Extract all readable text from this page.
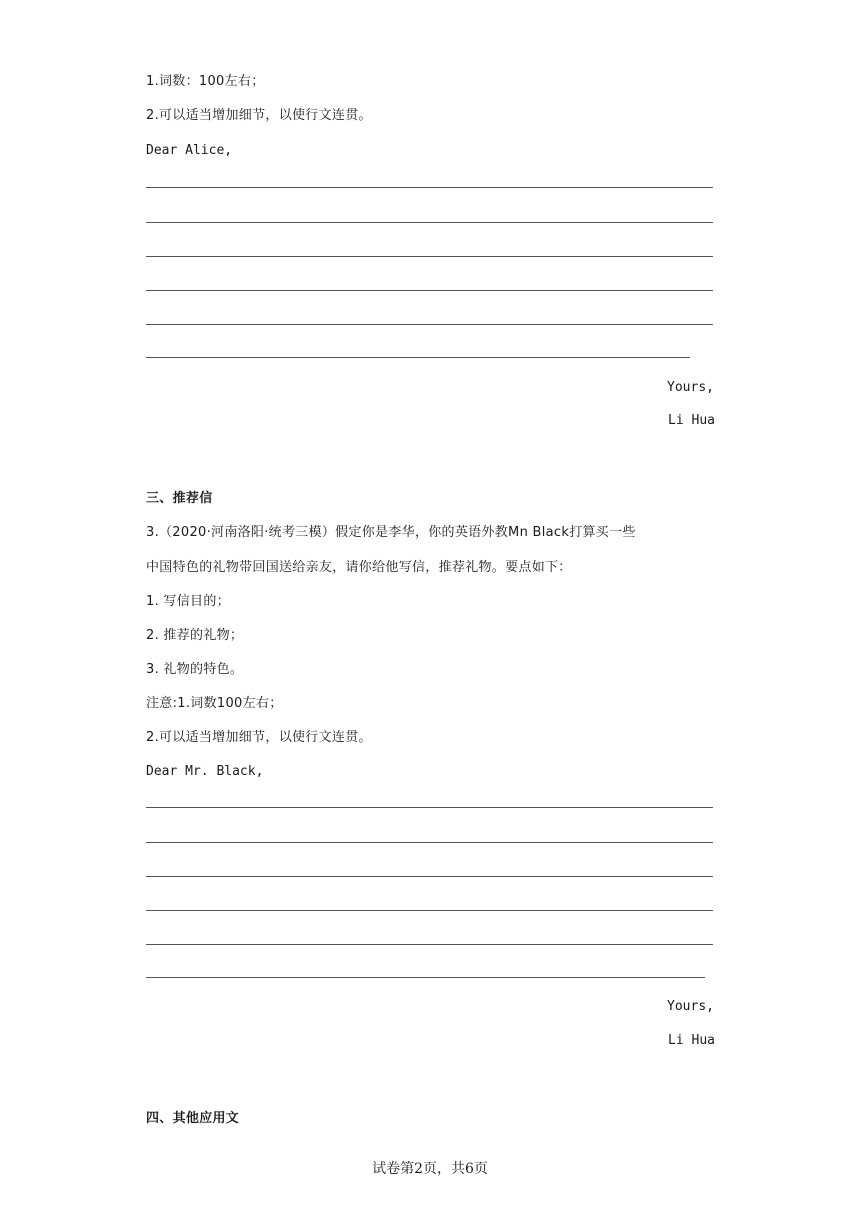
1.词数：100左右；
2.可以适当增加细节，以使行文连贯。
Dear Alice,
Yours,
Li Hua
三、推荐信
3.（2020·河南洛阳·统考三模）假定你是李华，你的英语外教Mn Black打算买一些
中国特色的礼物带回国送给亲友，请你给他写信，推荐礼物。要点如下：
1. 写信目的；
2. 推荐的礼物；
3. 礼物的特色。
注意:1.词数100左右；
2.可以适当增加细节，以使行文连贯。
Dear Mr. Black,
Yours,
Li Hua
四、其他应用文
试卷第2页，共6页
